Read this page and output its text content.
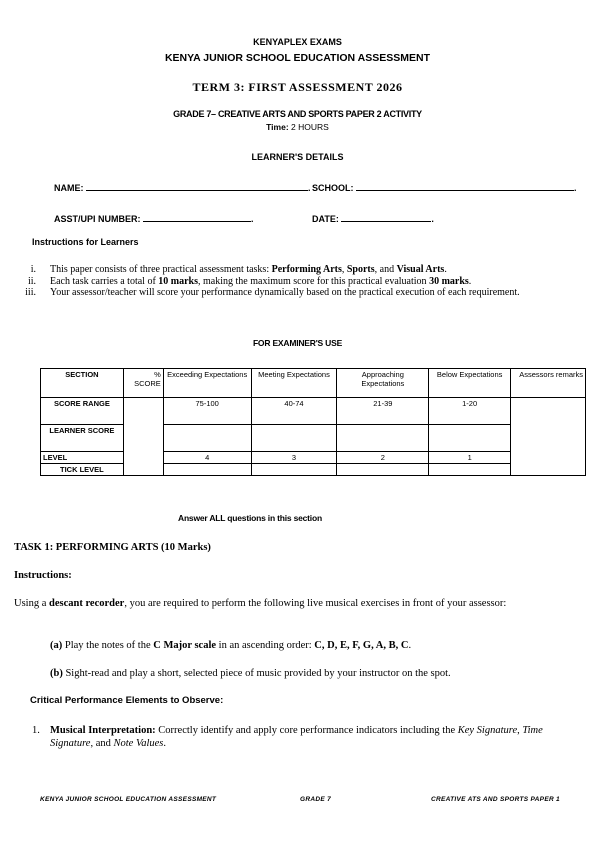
KENYAPLEX EXAMS
KENYA JUNIOR SCHOOL EDUCATION ASSESSMENT
TERM 3: FIRST ASSESSMENT 2026
GRADE 7– CREATIVE ARTS AND SPORTS PAPER 2 ACTIVITY
Time: 2 HOURS
LEARNER'S DETAILS
NAME:	. SCHOOL:	.
ASST/UPI NUMBER:	.	DATE:	.
Instructions for Learners
i. This paper consists of three practical assessment tasks: Performing Arts, Sports, and Visual Arts.
ii. Each task carries a total of 10 marks, making the maximum score for this practical evaluation 30 marks.
iii. Your assessor/teacher will score your performance dynamically based on the practical execution of each requirement.
FOR EXAMINER'S USE
SECTION	% SCORE	Exceeding Expectations	Meeting Expectations	Approaching Expectations	Below Expectations	Assessors remarks
SCORE RANGE		75-100	40-74	21-39	1-20	
LEARNER SCORE						
LEVEL		4	3	2	1	
TICK LEVEL						
Answer ALL questions in this section
TASK 1: PERFORMING ARTS (10 Marks)
Instructions:
Using a descant recorder, you are required to perform the following live musical exercises in front of your assessor:
(a) Play the notes of the C Major scale in an ascending order: C, D, E, F, G, A, B, C.
(b) Sight-read and play a short, selected piece of music provided by your instructor on the spot.
Critical Performance Elements to Observe:
1. Musical Interpretation: Correctly identify and apply core performance indicators including the Key Signature, Time Signature, and Note Values.
KENYA JUNIOR SCHOOL EDUCATION ASSESSMENT	GRADE 7	CREATIVE ATS AND SPORTS PAPER 1
